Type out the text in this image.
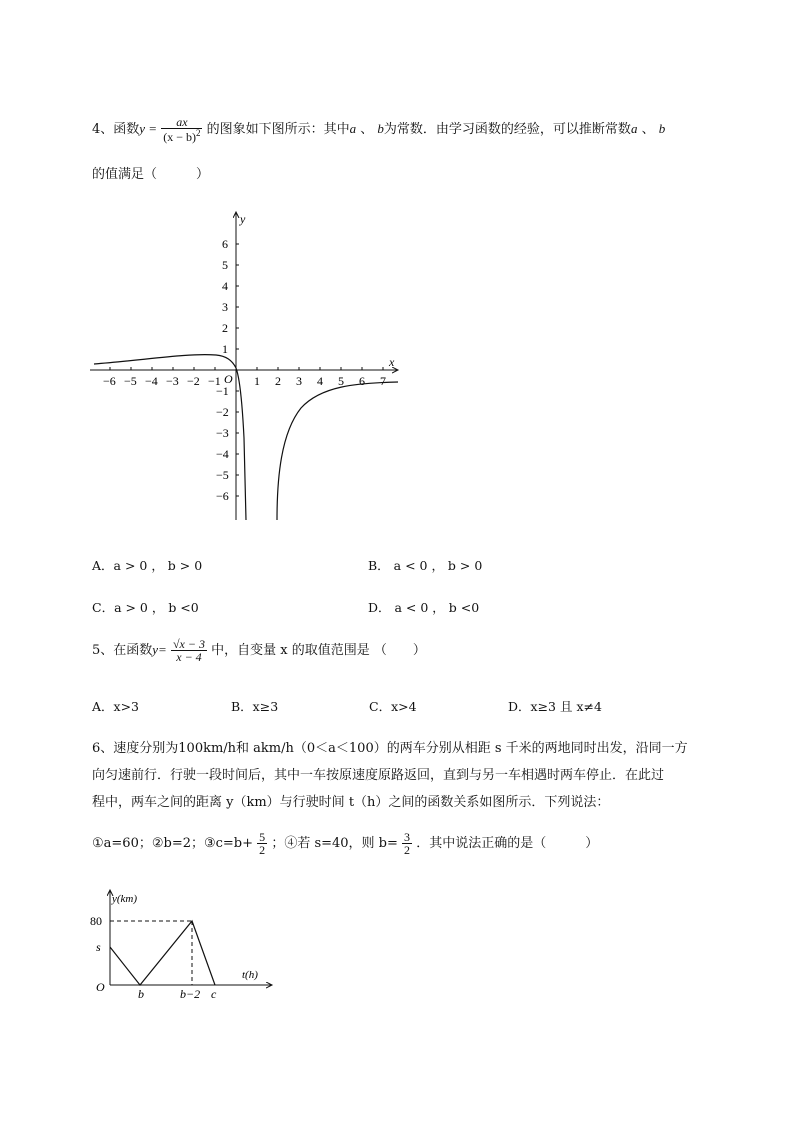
4、函数$y = \frac{ax}{(x - b)^2}$ 的图象如下图所示：其中a 、 b为常数．由学习函数的经验，可以推断常数a 、 b
的值满足（　　　）
y
x
O
−6 −5 −4 −3 −2 −1	1 2 3 4 5 6 7
6
5
4
3
2
1
−1
−2
−3
−4
−5
−6
A．a > 0 ， b > 0	B． a < 0 ， b > 0
C．a > 0 ， b <0	D． a < 0 ， b <0
5、在函数$y= \frac{√x - 3}{x - 4}$ 中，自变量 x 的取值范围是 （　　）
A．x>3	B．x≥3	C．x>4	D．x≥3 且 x≠4
6、速度分别为100km/h和 akm/h（0＜a＜100）的两车分别从相距 s 千米的两地同时出发，沿同一方
向匀速前行．行驶一段时间后，其中一车按原速度原路返回，直到与另一车相遇时两车停止．在此过
程中，两车之间的距离 y（km）与行驶时间 t（h）之间的函数关系如图所示．下列说法：
①a=60；②b=2；③c=b+ $\frac{5}{2}$ ；④若 s=40，则 $b= \frac{3}{2}$ ．其中说法正确的是（　　　）
y(km)
t(h)
O
80
s
b	b−2 c
